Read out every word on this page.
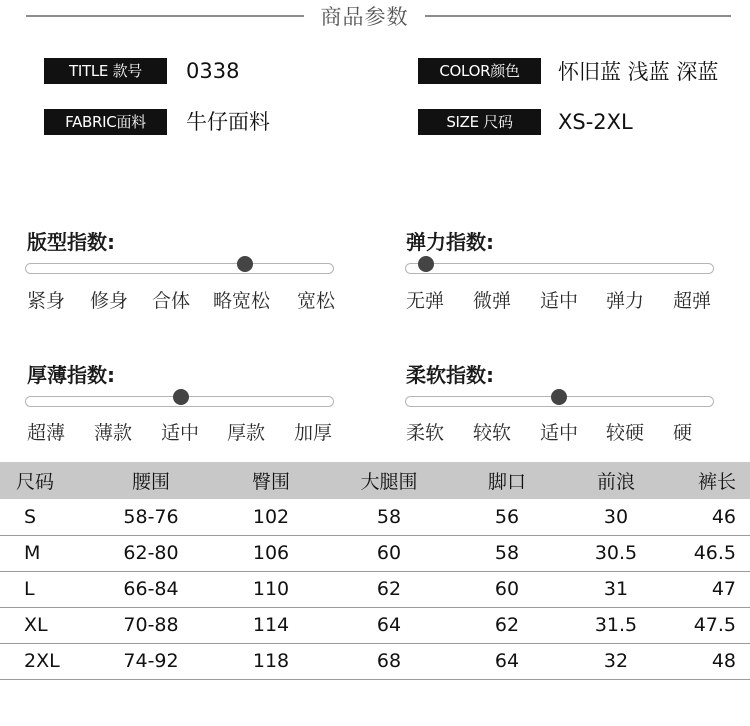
商品参数
TITLE 款号	0338	COLOR颜色	怀旧蓝 浅蓝 深蓝
FABRIC面料	牛仔面料	SIZE 尺码	XS-2XL
版型指数:
紧身 修身 合体 略宽松 宽松
弹力指数:
无弹 微弹 适中 弹力 超弹
厚薄指数:
超薄 薄款 适中 厚款 加厚
柔软指数:
柔软 较软 适中 较硬 硬
尺码	腰围	臀围	大腿围	脚口	前浪	裤长
S	58-76	102	58	56	30	46
M	62-80	106	60	58	30.5	46.5
L	66-84	110	62	60	31	47
XL	70-88	114	64	62	31.5	47.5
2XL	74-92	118	68	64	32	48
